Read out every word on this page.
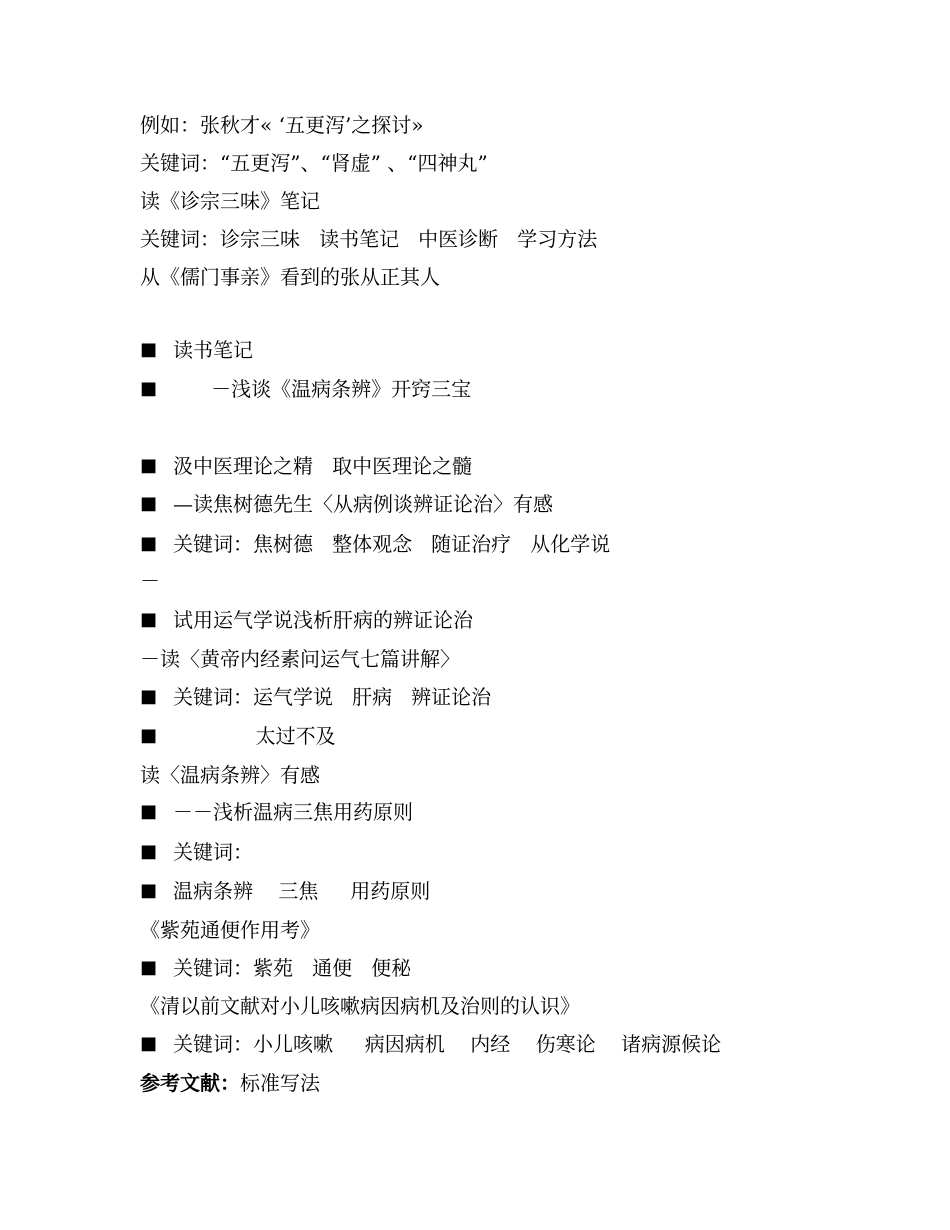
例如：张秋才« ‘五更泻’之探讨»
关键词：“五更泻”、“肾虚” 、“四神丸”
读《诊宗三味》笔记
关键词：诊宗三味   读书笔记   中医诊断   学习方法
从《儒门事亲》看到的张从正其人
■ 读书笔记
■ －浅谈《温病条辨》开窍三宝
■ 汲中医理论之精   取中医理论之髓
■ —读焦树德先生〈从病例谈辨证论治〉有感
■ 关键词：焦树德   整体观念   随证治疗   从化学说
－
■ 试用运气学说浅析肝病的辨证论治
－读〈黄帝内经素问运气七篇讲解〉
■ 关键词：运气学说   肝病   辨证论治
■ 太过不及
读〈温病条辨〉有感
■ －－浅析温病三焦用药原则
■ 关键词：
■ 温病条辨    三焦     用药原则
《紫苑通便作用考》
■ 关键词：紫苑   通便   便秘
《清以前文献对小儿咳嗽病因病机及治则的认识》
■ 关键词：小儿咳嗽     病因病机    内经    伤寒论    诸病源候论
参考文献：标准写法
